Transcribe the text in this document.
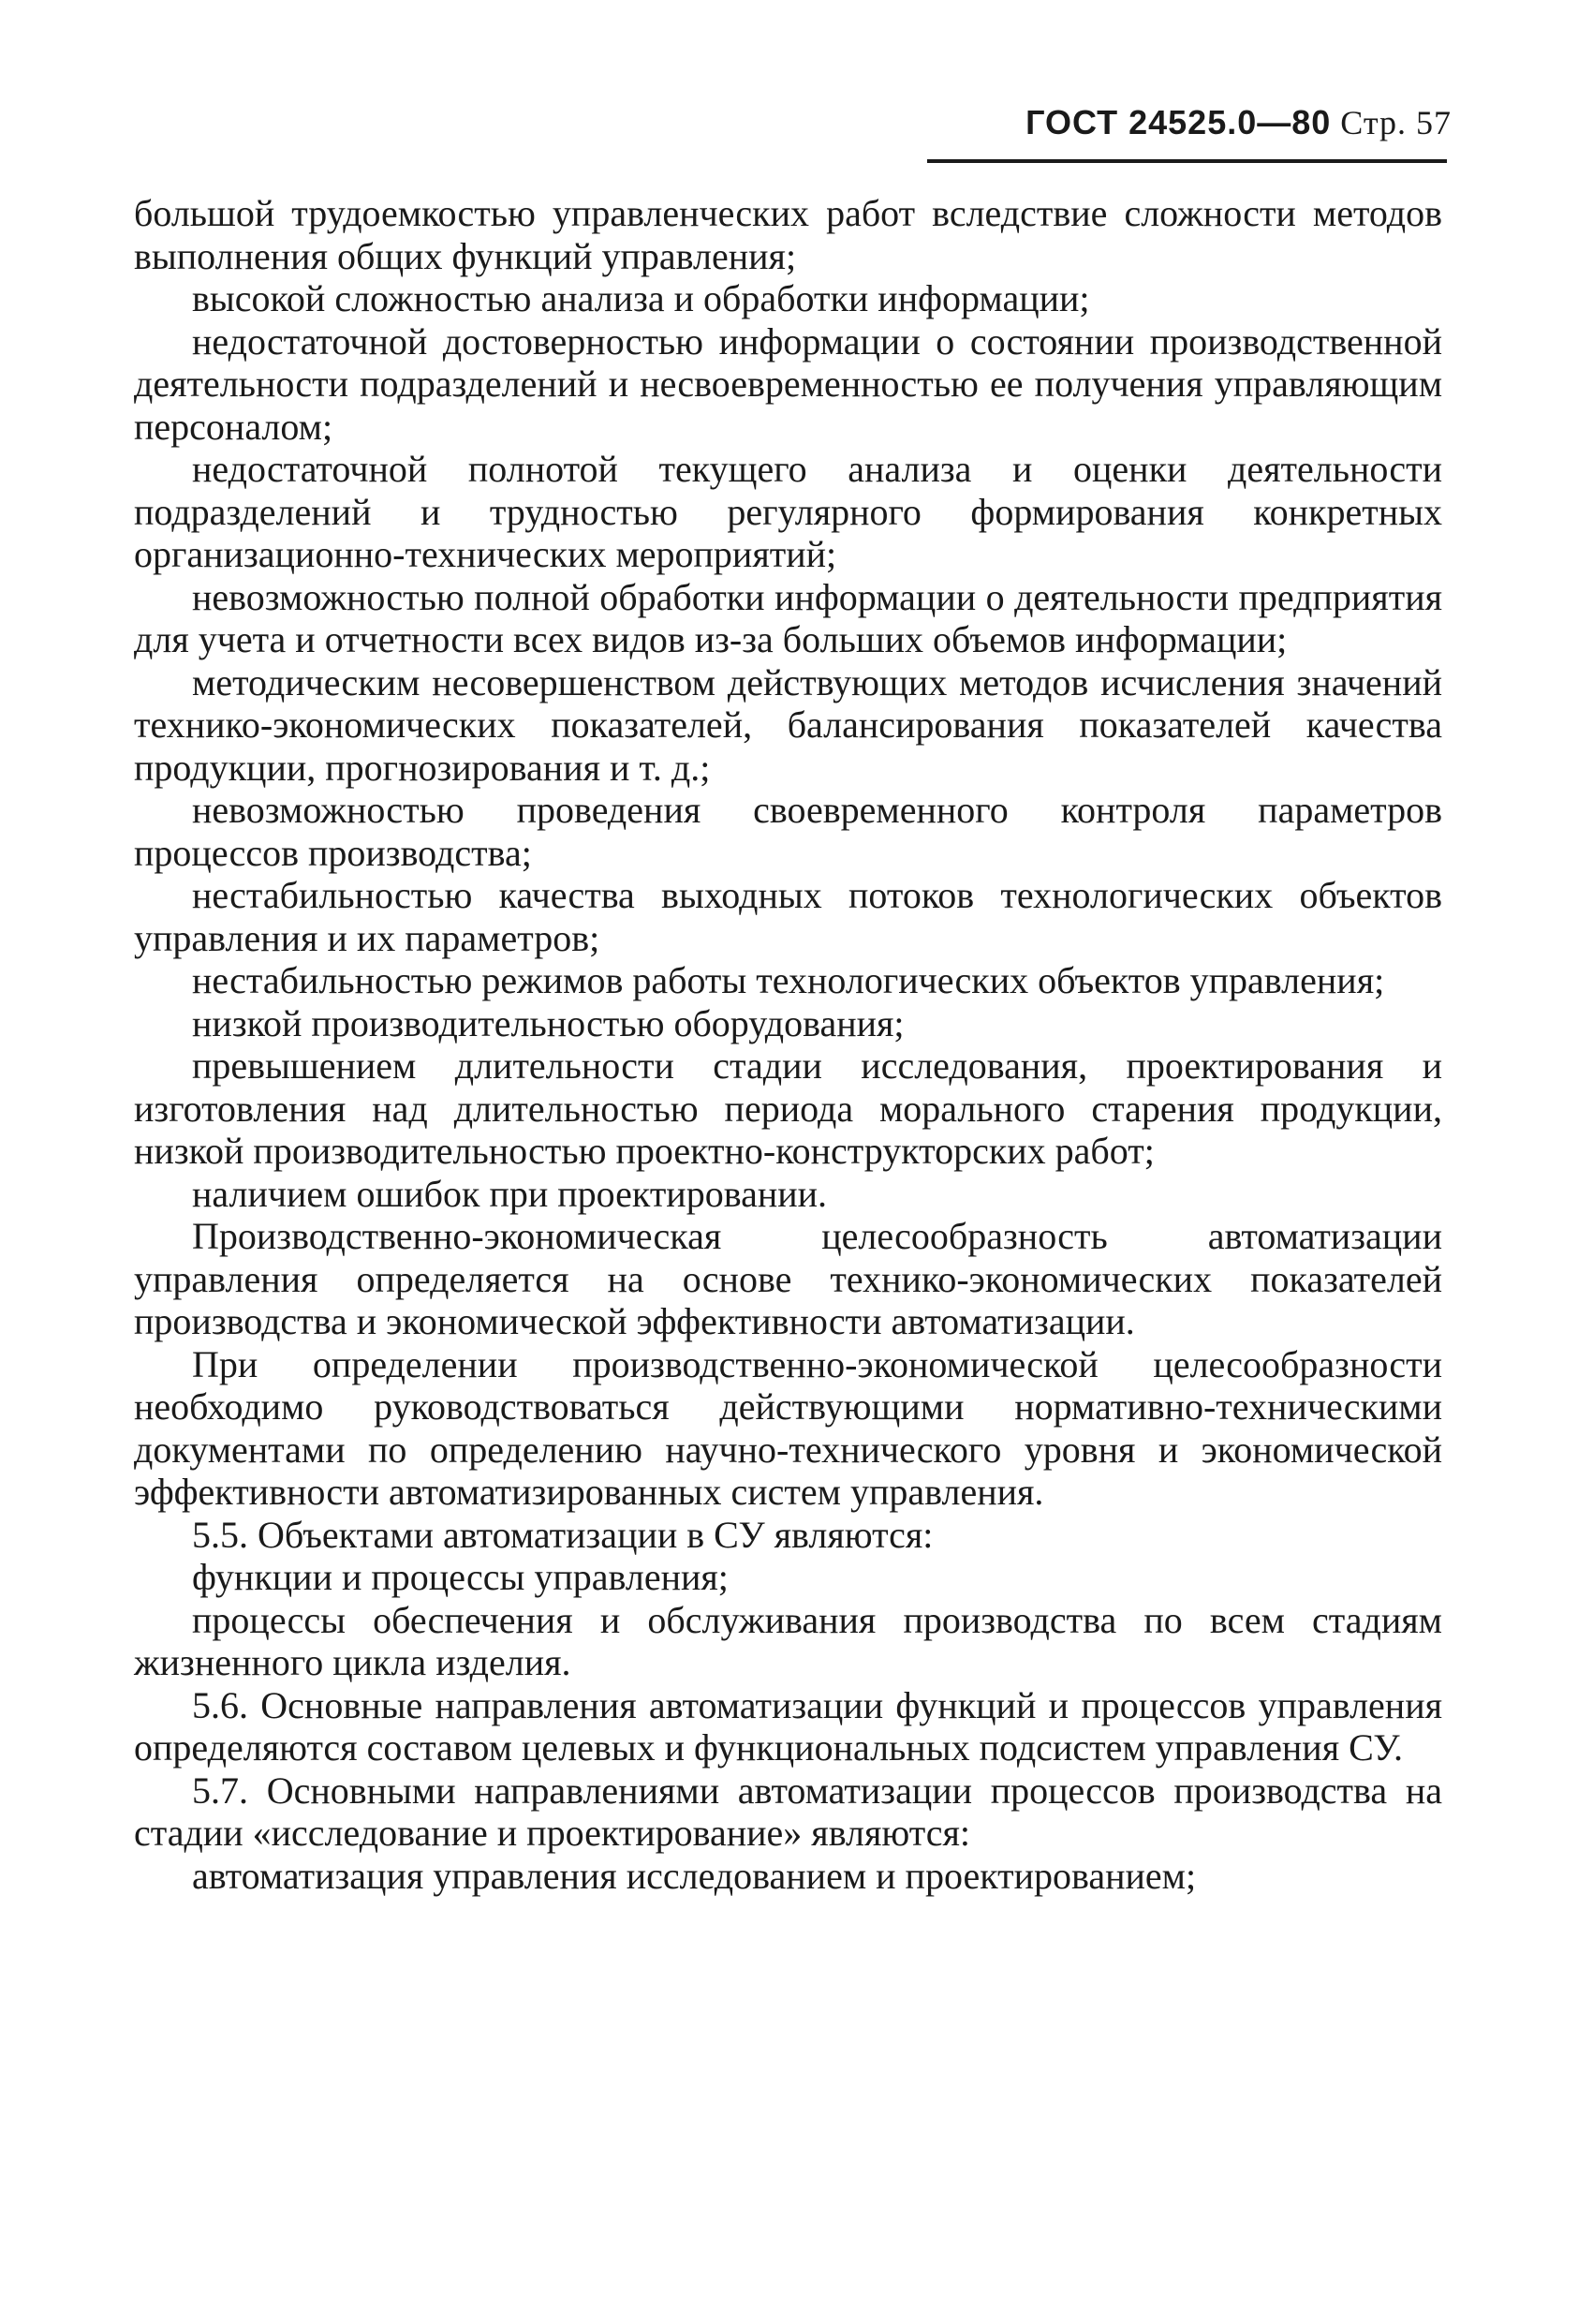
ГОСТ 24525.0—80 Стр. 57

большой трудоемкостью управленческих работ вследствие сложности методов выполнения общих функций управления;

высокой сложностью анализа и обработки информации;

недостаточной достоверностью информации о состоянии производственной деятельности подразделений и несвоевременностью ее получения управляющим персоналом;

недостаточной полнотой текущего анализа и оценки деятельности подразделений и трудностью регулярного формирования конкретных организационно-технических мероприятий;

невозможностью полной обработки информации о деятельности предприятия для учета и отчетности всех видов из-за больших объемов информации;

методическим несовершенством действующих методов исчисления значений технико-экономических показателей, балансирования показателей качества продукции, прогнозирования и т. д.;

невозможностью проведения своевременного контроля параметров процессов производства;

нестабильностью качества выходных потоков технологических объектов управления и их параметров;

нестабильностью режимов работы технологических объектов управления;

низкой производительностью оборудования;

превышением длительности стадии исследования, проектирования и изготовления над длительностью периода морального старения продукции, низкой производительностью проектно-конструкторских работ;

наличием ошибок при проектировании.

Производственно-экономическая целесообразность автоматизации управления определяется на основе технико-экономических показателей производства и экономической эффективности автоматизации.

При определении производственно-экономической целесообразности необходимо руководствоваться действующими нормативно-техническими документами по определению научно-технического уровня и экономической эффективности автоматизированных систем управления.

5.5. Объектами автоматизации в СУ являются:

функции и процессы управления;

процессы обеспечения и обслуживания производства по всем стадиям жизненного цикла изделия.

5.6. Основные направления автоматизации функций и процессов управления определяются составом целевых и функциональных подсистем управления СУ.

5.7. Основными направлениями автоматизации процессов производства на стадии «исследование и проектирование» являются:

автоматизация управления исследованием и проектированием;
